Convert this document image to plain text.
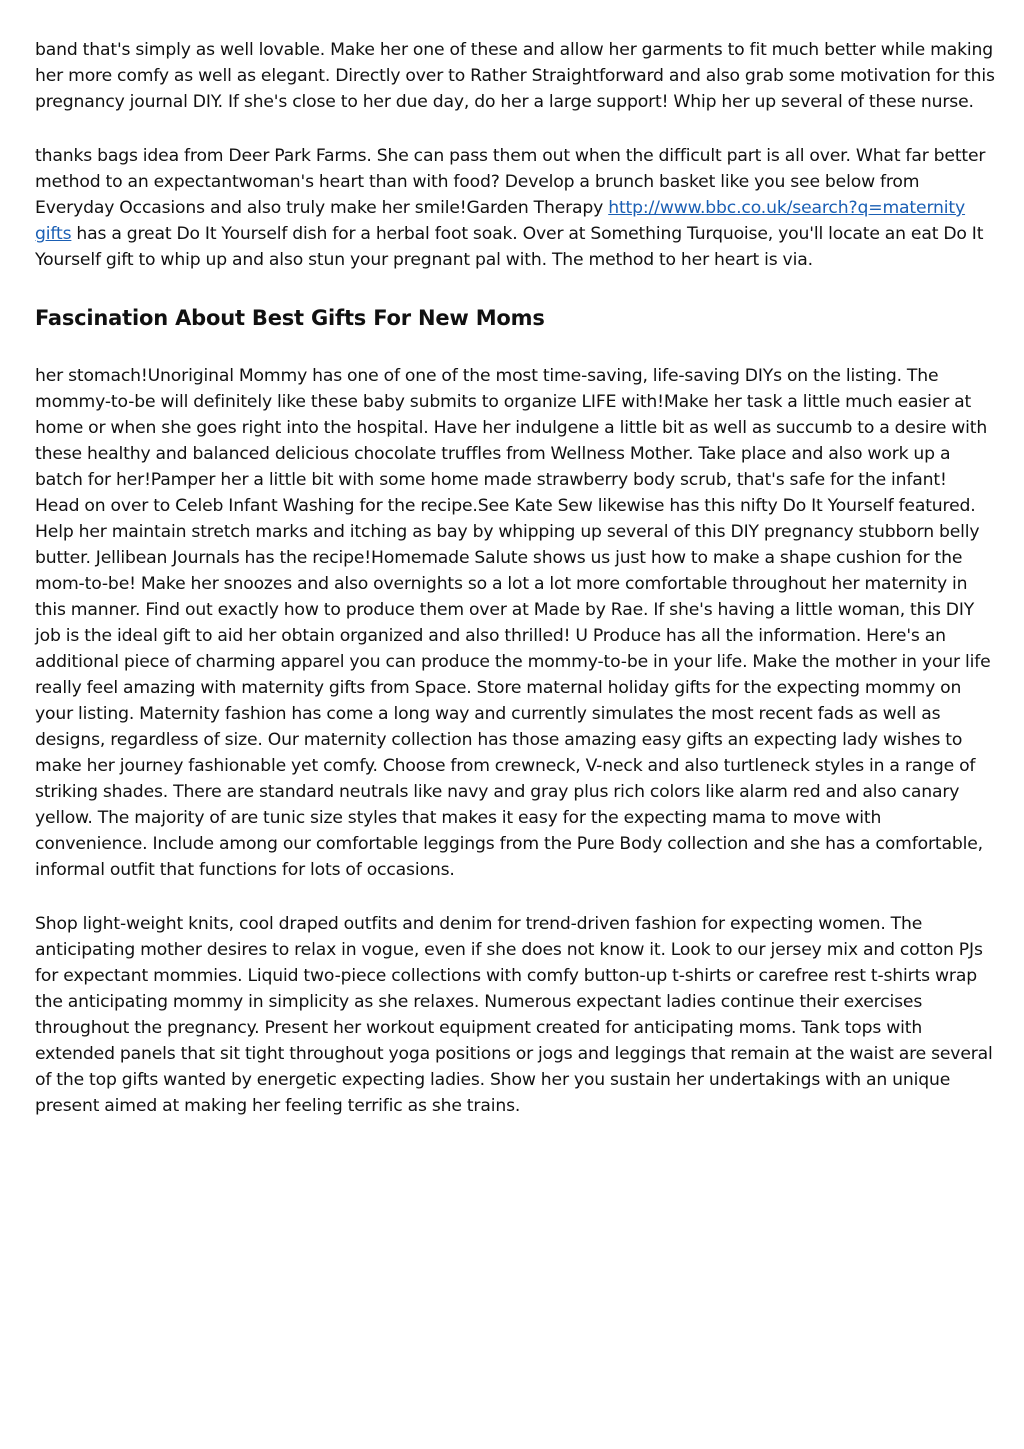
band that's simply as well lovable. Make her one of these and allow her garments to fit much better while making her more comfy as well as elegant. Directly over to Rather Straightforward and also grab some motivation for this pregnancy journal DIY. If she's close to her due day, do her a large support! Whip her up several of these nurse.

thanks bags idea from Deer Park Farms. She can pass them out when the difficult part is all over. What far better method to an expectantwoman's heart than with food? Develop a brunch basket like you see below from Everyday Occasions and also truly make her smile!Garden Therapy http://www.bbc.co.uk/search?q=maternity gifts has a great Do It Yourself dish for a herbal foot soak. Over at Something Turquoise, you'll locate an eat Do It Yourself gift to whip up and also stun your pregnant pal with. The method to her heart is via.

Fascination About Best Gifts For New Moms

her stomach!Unoriginal Mommy has one of one of the most time-saving, life-saving DIYs on the listing. The mommy-to-be will definitely like these baby submits to organize LIFE with!Make her task a little much easier at home or when she goes right into the hospital. Have her indulgene a little bit as well as succumb to a desire with these healthy and balanced delicious chocolate truffles from Wellness Mother. Take place and also work up a batch for her!Pamper her a little bit with some home made strawberry body scrub, that's safe for the infant! Head on over to Celeb Infant Washing for the recipe.See Kate Sew likewise has this nifty Do It Yourself featured. Help her maintain stretch marks and itching as bay by whipping up several of this DIY pregnancy stubborn belly butter. Jellibean Journals has the recipe!Homemade Salute shows us just how to make a shape cushion for the mom-to-be! Make her snoozes and also overnights so a lot a lot more comfortable throughout her maternity in this manner. Find out exactly how to produce them over at Made by Rae. If she's having a little woman, this DIY job is the ideal gift to aid her obtain organized and also thrilled! U Produce has all the information. Here's an additional piece of charming apparel you can produce the mommy-to-be in your life. Make the mother in your life really feel amazing with maternity gifts from Space. Store maternal holiday gifts for the expecting mommy on your listing. Maternity fashion has come a long way and currently simulates the most recent fads as well as designs, regardless of size. Our maternity collection has those amazing easy gifts an expecting lady wishes to make her journey fashionable yet comfy. Choose from crewneck, V-neck and also turtleneck styles in a range of striking shades. There are standard neutrals like navy and gray plus rich colors like alarm red and also canary yellow. The majority of are tunic size styles that makes it easy for the expecting mama to move with convenience. Include among our comfortable leggings from the Pure Body collection and she has a comfortable, informal outfit that functions for lots of occasions.

Shop light-weight knits, cool draped outfits and denim for trend-driven fashion for expecting women. The anticipating mother desires to relax in vogue, even if she does not know it. Look to our jersey mix and cotton PJs for expectant mommies. Liquid two-piece collections with comfy button-up t-shirts or carefree rest t-shirts wrap the anticipating mommy in simplicity as she relaxes. Numerous expectant ladies continue their exercises throughout the pregnancy. Present her workout equipment created for anticipating moms. Tank tops with extended panels that sit tight throughout yoga positions or jogs and leggings that remain at the waist are several of the top gifts wanted by energetic expecting ladies. Show her you sustain her undertakings with an unique present aimed at making her feeling terrific as she trains.
